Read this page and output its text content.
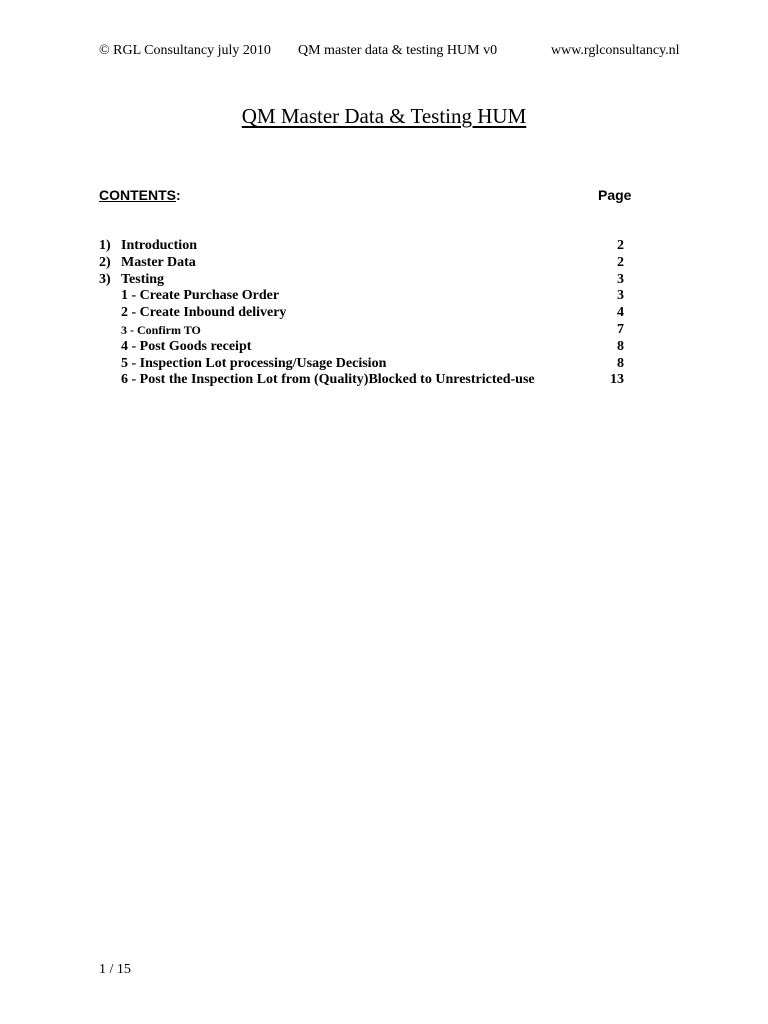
© RGL Consultancy july 2010 QM master data & testing HUM v0	www.rglconsultancy.nl
QM Master Data & Testing HUM
CONTENTS:	Page
1) Introduction	2
2) Master Data	2
3) Testing	3
1 - Create Purchase Order	3
2 - Create Inbound delivery	4
3 - Confirm TO	7
4 - Post Goods receipt	8
5 - Inspection Lot processing/Usage Decision	8
6 - Post the Inspection Lot from (Quality)Blocked to Unrestricted-use	13
1 / 15
